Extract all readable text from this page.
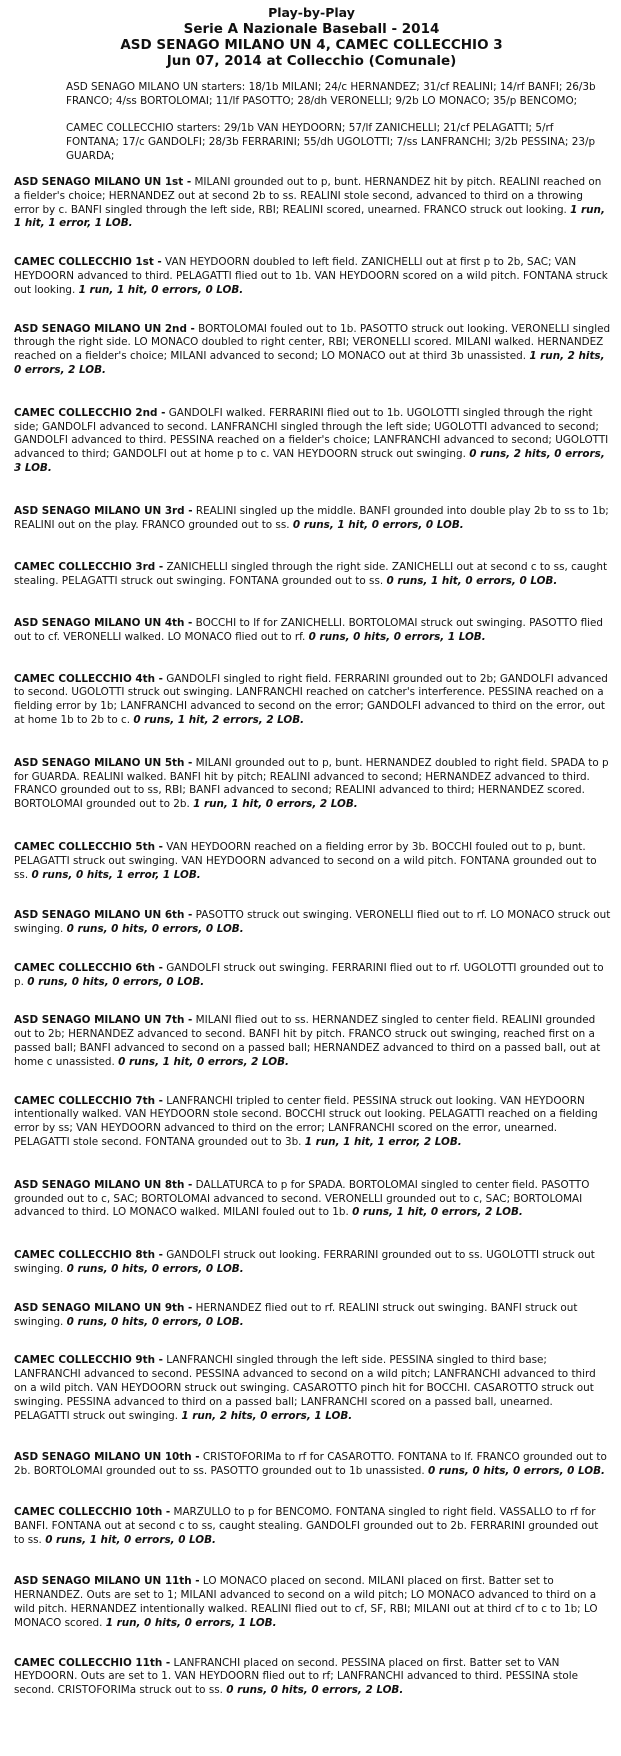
Play-by-Play
Serie A Nazionale Baseball - 2014
ASD SENAGO MILANO UN 4, CAMEC COLLECCHIO 3
Jun 07, 2014 at Collecchio (Comunale)
ASD SENAGO MILANO UN starters: 18/1b MILANI; 24/c HERNANDEZ; 31/cf REALINI; 14/rf BANFI; 26/3b FRANCO; 4/ss BORTOLOMAI; 11/lf PASOTTO; 28/dh VERONELLI; 9/2b LO MONACO; 35/p BENCOMO;
CAMEC COLLECCHIO starters: 29/1b VAN HEYDOORN; 57/lf ZANICHELLI; 21/cf PELAGATTI; 5/rf FONTANA; 17/c GANDOLFI; 28/3b FERRARINI; 55/dh UGOLOTTI; 7/ss LANFRANCHI; 3/2b PESSINA; 23/p GUARDA;
ASD SENAGO MILANO UN 1st - MILANI grounded out to p, bunt. HERNANDEZ hit by pitch. REALINI reached on a fielder's choice; HERNANDEZ out at second 2b to ss. REALINI stole second, advanced to third on a throwing error by c. BANFI singled through the left side, RBI; REALINI scored, unearned. FRANCO struck out looking. 1 run, 1 hit, 1 error, 1 LOB.
CAMEC COLLECCHIO 1st - VAN HEYDOORN doubled to left field. ZANICHELLI out at first p to 2b, SAC; VAN HEYDOORN advanced to third. PELAGATTI flied out to 1b. VAN HEYDOORN scored on a wild pitch. FONTANA struck out looking. 1 run, 1 hit, 0 errors, 0 LOB.
ASD SENAGO MILANO UN 2nd - BORTOLOMAI fouled out to 1b. PASOTTO struck out looking. VERONELLI singled through the right side. LO MONACO doubled to right center, RBI; VERONELLI scored. MILANI walked. HERNANDEZ reached on a fielder's choice; MILANI advanced to second; LO MONACO out at third 3b unassisted. 1 run, 2 hits, 0 errors, 2 LOB.
CAMEC COLLECCHIO 2nd - GANDOLFI walked. FERRARINI flied out to 1b. UGOLOTTI singled through the right side; GANDOLFI advanced to second. LANFRANCHI singled through the left side; UGOLOTTI advanced to second; GANDOLFI advanced to third. PESSINA reached on a fielder's choice; LANFRANCHI advanced to second; UGOLOTTI advanced to third; GANDOLFI out at home p to c. VAN HEYDOORN struck out swinging. 0 runs, 2 hits, 0 errors, 3 LOB.
ASD SENAGO MILANO UN 3rd - REALINI singled up the middle. BANFI grounded into double play 2b to ss to 1b; REALINI out on the play. FRANCO grounded out to ss. 0 runs, 1 hit, 0 errors, 0 LOB.
CAMEC COLLECCHIO 3rd - ZANICHELLI singled through the right side. ZANICHELLI out at second c to ss, caught stealing. PELAGATTI struck out swinging. FONTANA grounded out to ss. 0 runs, 1 hit, 0 errors, 0 LOB.
ASD SENAGO MILANO UN 4th - BOCCHI to lf for ZANICHELLI. BORTOLOMAI struck out swinging. PASOTTO flied out to cf. VERONELLI walked. LO MONACO flied out to rf. 0 runs, 0 hits, 0 errors, 1 LOB.
CAMEC COLLECCHIO 4th - GANDOLFI singled to right field. FERRARINI grounded out to 2b; GANDOLFI advanced to second. UGOLOTTI struck out swinging. LANFRANCHI reached on catcher's interference. PESSINA reached on a fielding error by 1b; LANFRANCHI advanced to second on the error; GANDOLFI advanced to third on the error, out at home 1b to 2b to c. 0 runs, 1 hit, 2 errors, 2 LOB.
ASD SENAGO MILANO UN 5th - MILANI grounded out to p, bunt. HERNANDEZ doubled to right field. SPADA to p for GUARDA. REALINI walked. BANFI hit by pitch; REALINI advanced to second; HERNANDEZ advanced to third. FRANCO grounded out to ss, RBI; BANFI advanced to second; REALINI advanced to third; HERNANDEZ scored. BORTOLOMAI grounded out to 2b. 1 run, 1 hit, 0 errors, 2 LOB.
CAMEC COLLECCHIO 5th - VAN HEYDOORN reached on a fielding error by 3b. BOCCHI fouled out to p, bunt. PELAGATTI struck out swinging. VAN HEYDOORN advanced to second on a wild pitch. FONTANA grounded out to ss. 0 runs, 0 hits, 1 error, 1 LOB.
ASD SENAGO MILANO UN 6th - PASOTTO struck out swinging. VERONELLI flied out to rf. LO MONACO struck out swinging. 0 runs, 0 hits, 0 errors, 0 LOB.
CAMEC COLLECCHIO 6th - GANDOLFI struck out swinging. FERRARINI flied out to rf. UGOLOTTI grounded out to p. 0 runs, 0 hits, 0 errors, 0 LOB.
ASD SENAGO MILANO UN 7th - MILANI flied out to ss. HERNANDEZ singled to center field. REALINI grounded out to 2b; HERNANDEZ advanced to second. BANFI hit by pitch. FRANCO struck out swinging, reached first on a passed ball; BANFI advanced to second on a passed ball; HERNANDEZ advanced to third on a passed ball, out at home c unassisted. 0 runs, 1 hit, 0 errors, 2 LOB.
CAMEC COLLECCHIO 7th - LANFRANCHI tripled to center field. PESSINA struck out looking. VAN HEYDOORN intentionally walked. VAN HEYDOORN stole second. BOCCHI struck out looking. PELAGATTI reached on a fielding error by ss; VAN HEYDOORN advanced to third on the error; LANFRANCHI scored on the error, unearned. PELAGATTI stole second. FONTANA grounded out to 3b. 1 run, 1 hit, 1 error, 2 LOB.
ASD SENAGO MILANO UN 8th - DALLATURCA to p for SPADA. BORTOLOMAI singled to center field. PASOTTO grounded out to c, SAC; BORTOLOMAI advanced to second. VERONELLI grounded out to c, SAC; BORTOLOMAI advanced to third. LO MONACO walked. MILANI fouled out to 1b. 0 runs, 1 hit, 0 errors, 2 LOB.
CAMEC COLLECCHIO 8th - GANDOLFI struck out looking. FERRARINI grounded out to ss. UGOLOTTI struck out swinging. 0 runs, 0 hits, 0 errors, 0 LOB.
ASD SENAGO MILANO UN 9th - HERNANDEZ flied out to rf. REALINI struck out swinging. BANFI struck out swinging. 0 runs, 0 hits, 0 errors, 0 LOB.
CAMEC COLLECCHIO 9th - LANFRANCHI singled through the left side. PESSINA singled to third base; LANFRANCHI advanced to second. PESSINA advanced to second on a wild pitch; LANFRANCHI advanced to third on a wild pitch. VAN HEYDOORN struck out swinging. CASAROTTO pinch hit for BOCCHI. CASAROTTO struck out swinging. PESSINA advanced to third on a passed ball; LANFRANCHI scored on a passed ball, unearned. PELAGATTI struck out swinging. 1 run, 2 hits, 0 errors, 1 LOB.
ASD SENAGO MILANO UN 10th - CRISTOFORIMa to rf for CASAROTTO. FONTANA to lf. FRANCO grounded out to 2b. BORTOLOMAI grounded out to ss. PASOTTO grounded out to 1b unassisted. 0 runs, 0 hits, 0 errors, 0 LOB.
CAMEC COLLECCHIO 10th - MARZULLO to p for BENCOMO. FONTANA singled to right field. VASSALLO to rf for BANFI. FONTANA out at second c to ss, caught stealing. GANDOLFI grounded out to 2b. FERRARINI grounded out to ss. 0 runs, 1 hit, 0 errors, 0 LOB.
ASD SENAGO MILANO UN 11th - LO MONACO placed on second. MILANI placed on first. Batter set to HERNANDEZ. Outs are set to 1; MILANI advanced to second on a wild pitch; LO MONACO advanced to third on a wild pitch. HERNANDEZ intentionally walked. REALINI flied out to cf, SF, RBI; MILANI out at third cf to c to 1b; LO MONACO scored. 1 run, 0 hits, 0 errors, 1 LOB.
CAMEC COLLECCHIO 11th - LANFRANCHI placed on second. PESSINA placed on first. Batter set to VAN HEYDOORN. Outs are set to 1. VAN HEYDOORN flied out to rf; LANFRANCHI advanced to third. PESSINA stole second. CRISTOFORIMa struck out to ss. 0 runs, 0 hits, 0 errors, 2 LOB.
